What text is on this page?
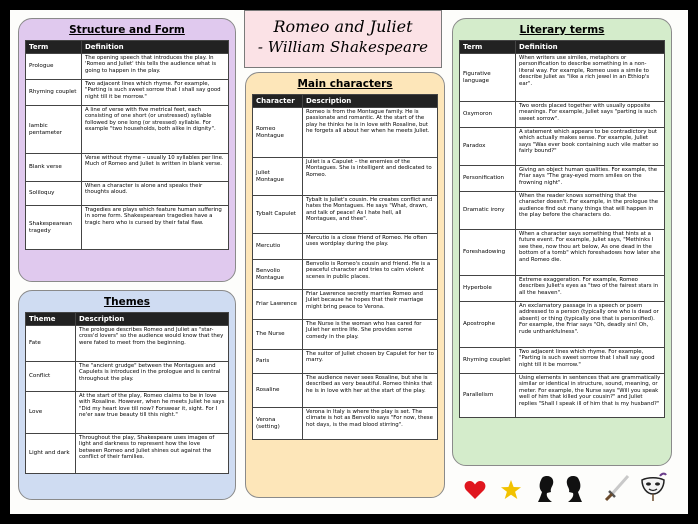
Structure and Form
Term	Definition
Prologue	The opening speech that introduces the play. In 'Romeo and Juliet' this tells the audience what is going to happen in the play.
Rhyming couplet	Two adjacent lines which rhyme. For example, "Parting is such sweet sorrow that I shall say good night till it be morrow."
Iambic pentameter	A line of verse with five metrical feet, each consisting of one short (or unstressed) syllable followed by one long (or stressed) syllable. For example "two households, both alike in dignity".
Blank verse	Verse without rhyme – usually 10 syllables per line. Much of Romeo and Juliet is written in blank verse.
Soliloquy	When a character is alone and speaks their thoughts aloud.
Shakespearean tragedy	Tragedies are plays which feature human suffering in some form. Shakespearean tragedies have a tragic hero who is cursed by their fatal flaw.
Themes
Theme	Description
Fate	The prologue describes Romeo and Juliet as "star-cross'd lovers" so the audience would know that they were fated to meet from the beginning.
Conflict	The "ancient grudge" between the Montagues and Capulets is introduced in the prologue and is central throughout the play.
Love	At the start of the play, Romeo claims to be in love with Rosaline. However, when he meets Juliet he says "Did my heart love till now? Forswear it, sight. For I ne'er saw true beauty till this night."
Light and dark	Throughout the play, Shakespeare uses images of light and darkness to represent how the love between Romeo and Juliet shines out against the conflict of their families.
Romeo and Juliet
- William Shakespeare
Main characters
Character	Description
Romeo Montague	Romeo is from the Montague family. He is passionate and romantic. At the start of the play he thinks he is in love with Rosaline, but he forgets all about her when he meets Juliet.
Juliet Montague	Juliet is a Capulet – the enemies of the Montagues. She is intelligent and dedicated to Romeo.
Tybalt Capulet	Tybalt is Juliet's cousin. He creates conflict and hates the Montagues. He says "What, drawn, and talk of peace! As I hate hell, all Montagues, and thee".
Mercutio	Mercutio is a close friend of Romeo. He often uses wordplay during the play.
Benvolio Montague	Benvolio is Romeo's cousin and friend. He is a peaceful character and tries to calm violent scenes in public places.
Friar Lawrence	Friar Lawrence secretly marries Romeo and Juliet because he hopes that their marriage might bring peace to Verona.
The Nurse	The Nurse is the woman who has cared for Juliet her entire life. She provides some comedy in the play.
Paris	The suitor of Juliet chosen by Capulet for her to marry.
Rosaline	The audience never sees Rosaline, but she is described as very beautiful. Romeo thinks that he is in love with her at the start of the play.
Verona (setting)	Verona in Italy is where the play is set. The climate is hot as Benvolio says "For now, these hot days, is the mad blood stirring".
Literary terms
Term	Definition
Figurative language	When writers use similes, metaphors or personification to describe something in a non-literal way. For example, Romeo uses a simile to describe Juliet as "like a rich jewel in an Ethiop's ear".
Oxymoron	Two words placed together with usually opposite meanings. For example, Juliet says "parting is such sweet sorrow".
Paradox	A statement which appears to be contradictory but which actually makes sense. For example, Juliet says "Was ever book containing such vile matter so fairly bound?"
Personification	Giving an object human qualities. For example, the Friar says "The gray-eyed morn smiles on the frowning night".
Dramatic irony	When the reader knows something that the character doesn't. For example, in the prologue the audience find out many things that will happen in the play before the characters do.
Foreshadowing	When a character says something that hints at a future event. For example, Juliet says, "Methinks I see thee, now thou art below, As one dead in the bottom of a tomb" which foreshadows how later she and Romeo die.
Hyperbole	Extreme exaggeration. For example, Romeo describes Juliet's eyes as "two of the fairest stars in all the heaven".
Apostrophe	An exclamatory passage in a speech or poem addressed to a person (typically one who is dead or absent) or thing (typically one that is personified). For example, the Friar says "Oh, deadly sin! Oh, rude unthankfulness".
Rhyming couplet	Two adjacent lines which rhyme. For example, "Parting is such sweet sorrow that I shall say good night till it be morrow."
Parallelism	Using elements in sentences that are grammatically similar or identical in structure, sound, meaning, or meter. For example, the Nurse says "Will you speak well of him that killed your cousin?" and Juliet replies "Shall I speak ill of him that is my husband?"
